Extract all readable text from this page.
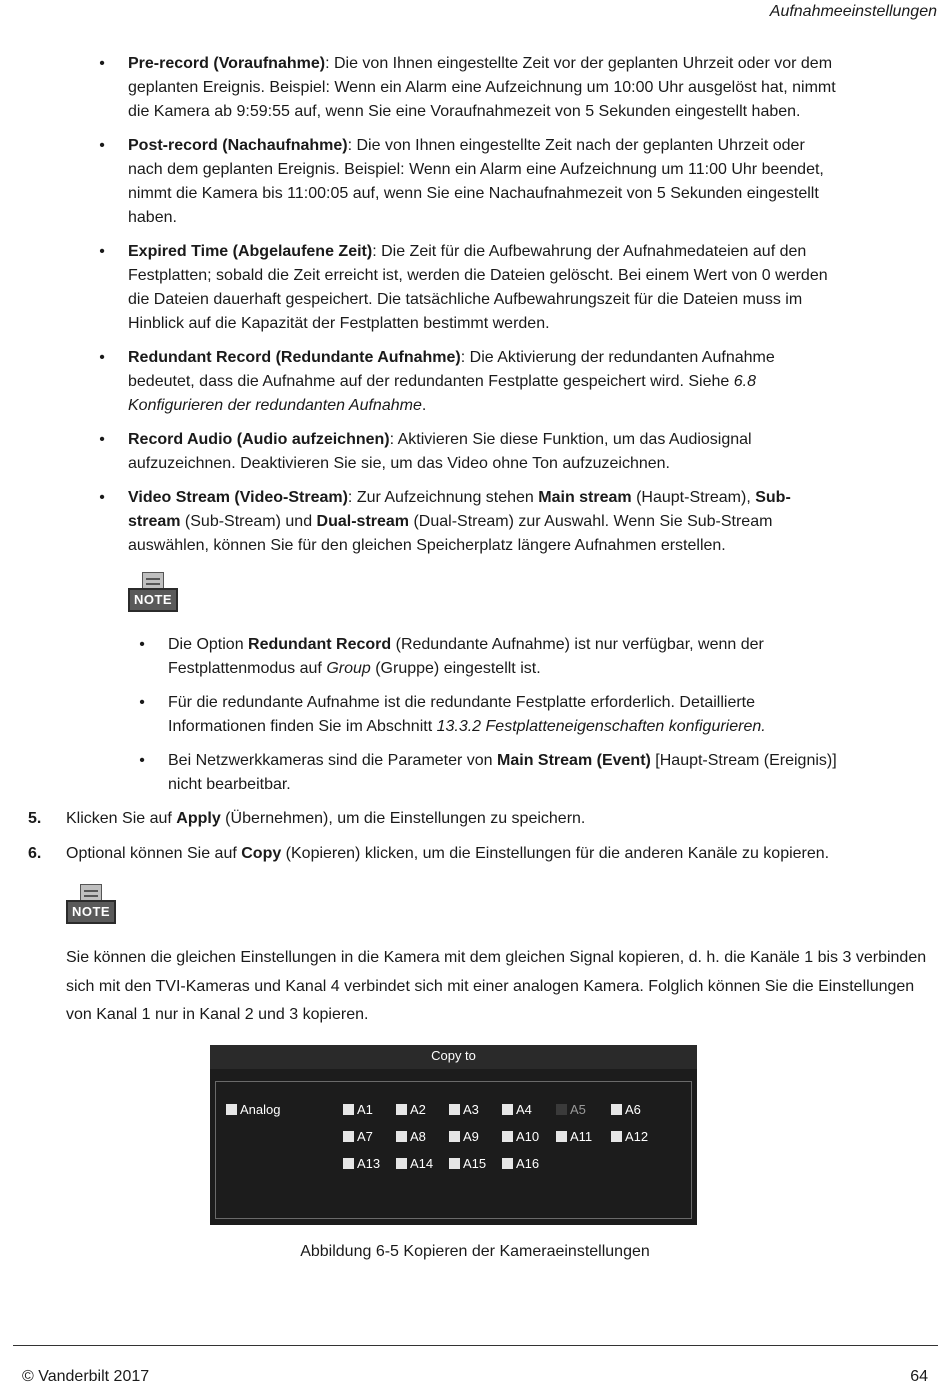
Aufnahmeeinstellungen
• Pre-record (Voraufnahme): Die von Ihnen eingestellte Zeit vor der geplanten Uhrzeit oder vor dem

geplanten Ereignis. Beispiel: Wenn ein Alarm eine Aufzeichnung um 10:00 Uhr ausgelöst hat, nimmt

die Kamera ab 9:59:55 auf, wenn Sie eine Voraufnahmezeit von 5 Sekunden eingestellt haben.

• Post-record (Nachaufnahme): Die von Ihnen eingestellte Zeit nach der geplanten Uhrzeit oder

nach dem geplanten Ereignis. Beispiel: Wenn ein Alarm eine Aufzeichnung um 11:00 Uhr beendet,

nimmt die Kamera bis 11:00:05 auf, wenn Sie eine Nachaufnahmezeit von 5 Sekunden eingestellt

haben.

• Expired Time (Abgelaufene Zeit): Die Zeit für die Aufbewahrung der Aufnahmedateien auf den

Festplatten; sobald die Zeit erreicht ist, werden die Dateien gelöscht. Bei einem Wert von 0 werden

die Dateien dauerhaft gespeichert. Die tatsächliche Aufbewahrungszeit für die Dateien muss im

Hinblick auf die Kapazität der Festplatten bestimmt werden.

• Redundant Record (Redundante Aufnahme): Die Aktivierung der redundanten Aufnahme

bedeutet, dass die Aufnahme auf der redundanten Festplatte gespeichert wird. Siehe 6.8

Konfigurieren der redundanten Aufnahme.

• Record Audio (Audio aufzeichnen): Aktivieren Sie diese Funktion, um das Audiosignal

aufzuzeichnen. Deaktivieren Sie sie, um das Video ohne Ton aufzuzeichnen.

• Video Stream (Video-Stream): Zur Aufzeichnung stehen Main stream (Haupt-Stream), Sub-

stream (Sub-Stream) und Dual-stream (Dual-Stream) zur Auswahl. Wenn Sie Sub-Stream

auswählen, können Sie für den gleichen Speicherplatz längere Aufnahmen erstellen.

NOTE
• Die Option Redundant Record (Redundante Aufnahme) ist nur verfügbar, wenn der

Festplattenmodus auf Group (Gruppe) eingestellt ist.

• Für die redundante Aufnahme ist die redundante Festplatte erforderlich. Detaillierte

Informationen finden Sie im Abschnitt 13.3.2 Festplatteneigenschaften konfigurieren.

• Bei Netzwerkkameras sind die Parameter von Main Stream (Event) [Haupt-Stream (Ereignis)]

nicht bearbeitbar.

5. Klicken Sie auf Apply (Übernehmen), um die Einstellungen zu speichern.
6. Optional können Sie auf Copy (Kopieren) klicken, um die Einstellungen für die anderen Kanäle zu kopieren.
NOTE
Sie können die gleichen Einstellungen in die Kamera mit dem gleichen Signal kopieren, d. h. die Kanäle 1 bis 3 verbinden sich mit den TVI-Kameras und Kanal 4 verbindet sich mit einer analogen Kamera. Folglich können Sie die Einstellungen von Kanal 1 nur in Kanal 2 und 3 kopieren.
Copy to
Analog	A1	A2	A3	A4	A5	A6
A7	A8	A9	A10	A11	A12
A13	A14	A15	A16
Abbildung 6-5 Kopieren der Kameraeinstellungen
© Vanderbilt 2017	64
